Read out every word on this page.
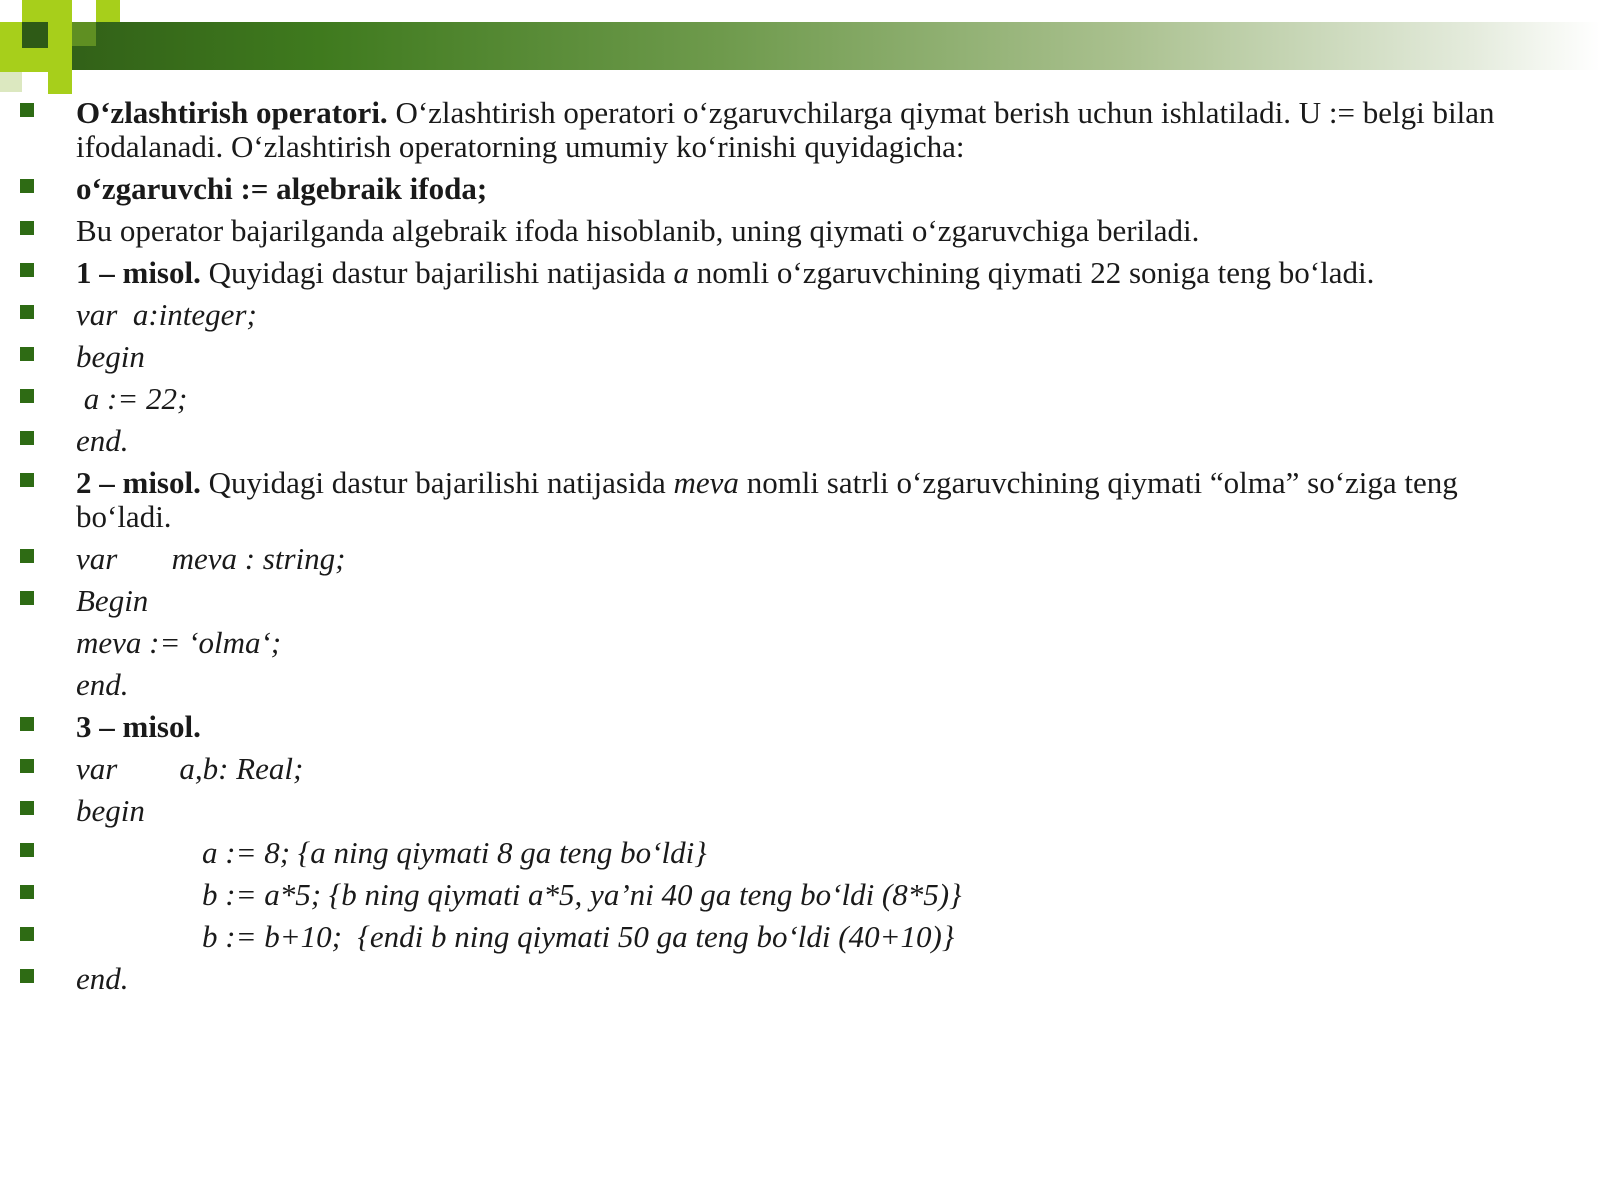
O‘zlashtirish operatori. O‘zlashtirish operatori o‘zgaruvchilarga qiymat berish uchun ishlatiladi. U := belgi bilan ifodalanadi. O‘zlashtirish operatorning umumiy ko‘rinishi quyidagicha:
o‘zgaruvchi := algebraik ifoda;
Bu operator bajarilganda algebraik ifoda hisoblanib, uning qiymati o‘zgaruvchiga beriladi.
1 – misol. Quyidagi dastur bajarilishi natijasida a nomli o‘zgaruvchining qiymati 22 soniga teng bo‘ladi.
var  a:integer;
begin
a := 22;
end.
2 – misol. Quyidagi dastur bajarilishi natijasida meva nomli satrli o‘zgaruvchining qiymati “olma” so‘ziga teng bo‘ladi.
var       meva : string;
Begin
meva := ‘olma‘;
end.
3 – misol.
var        a,b: Real;
begin
a := 8; {a ning qiymati 8 ga teng bo‘ldi}
b := a*5; {b ning qiymati a*5, ya’ni 40 ga teng bo‘ldi (8*5)}
b := b+10;  {endi b ning qiymati 50 ga teng bo‘ldi (40+10)}
end.
